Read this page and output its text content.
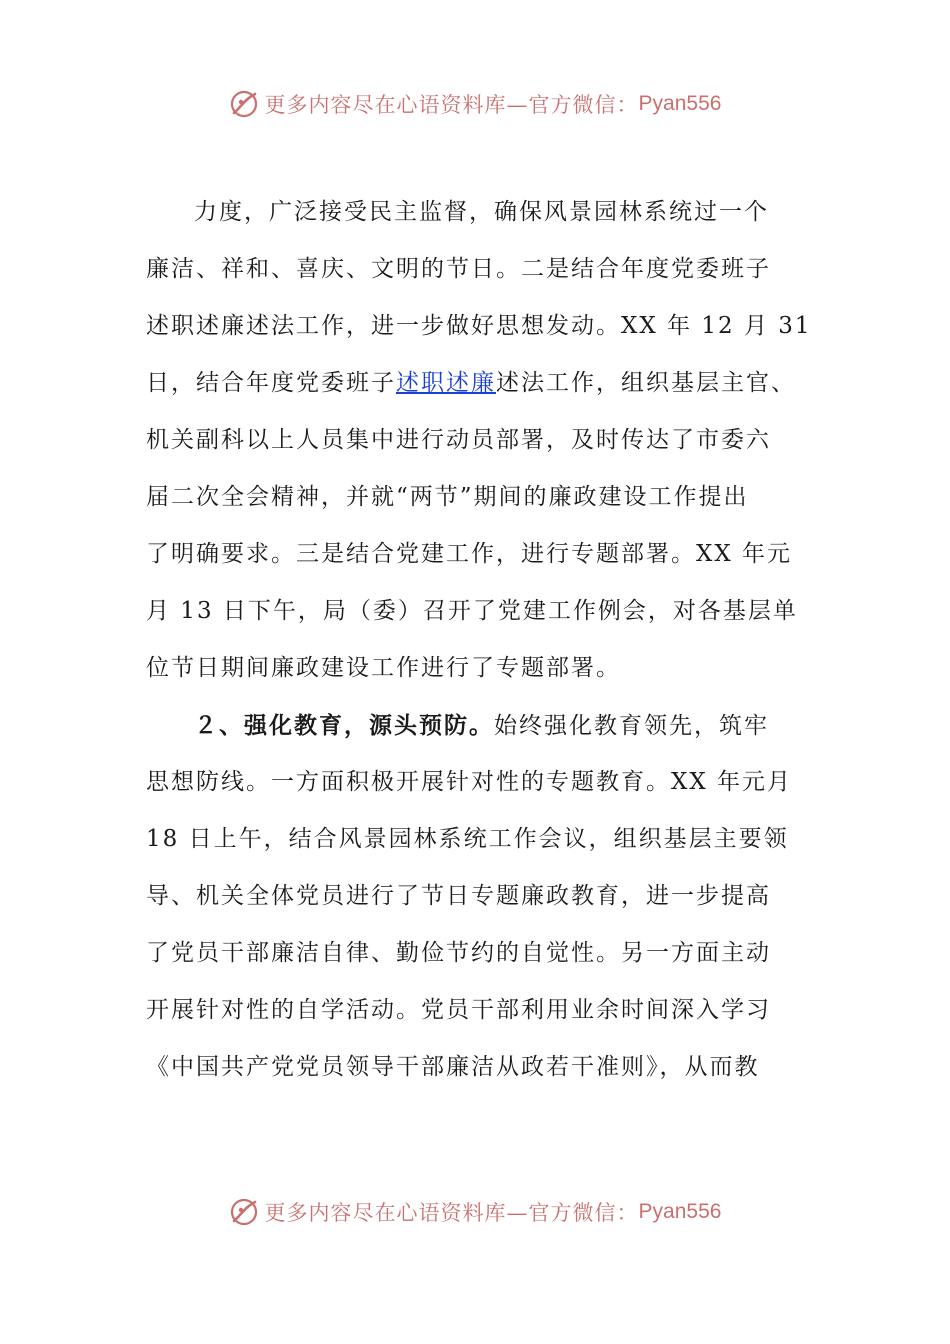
更多内容尽在心语资料库—官方微信： Pyan556

力度，广泛接受民主监督，确保风景园林系统过一个
廉洁、祥和、喜庆、文明的节日。二是结合年度党委班子
述职述廉述法工作，进一步做好思想发动。XX 年 12 月 31
日，结合年度党委班子述职述廉述法工作，组织基层主官、
机关副科以上人员集中进行动员部署，及时传达了市委六
届二次全会精神，并就“两节”期间的廉政建设工作提出
了明确要求。三是结合党建工作，进行专题部署。XX 年元
月 13 日下午，局（委）召开了党建工作例会，对各基层单
位节日期间廉政建设工作进行了专题部署。

２、强化教育，源头预防。始终强化教育领先，筑牢
思想防线。一方面积极开展针对性的专题教育。XX 年元月
18 日上午，结合风景园林系统工作会议，组织基层主要领
导、机关全体党员进行了节日专题廉政教育，进一步提高
了党员干部廉洁自律、勤俭节约的自觉性。另一方面主动
开展针对性的自学活动。党员干部利用业余时间深入学习
《中国共产党党员领导干部廉洁从政若干准则》，从而教

更多内容尽在心语资料库—官方微信： Pyan556
